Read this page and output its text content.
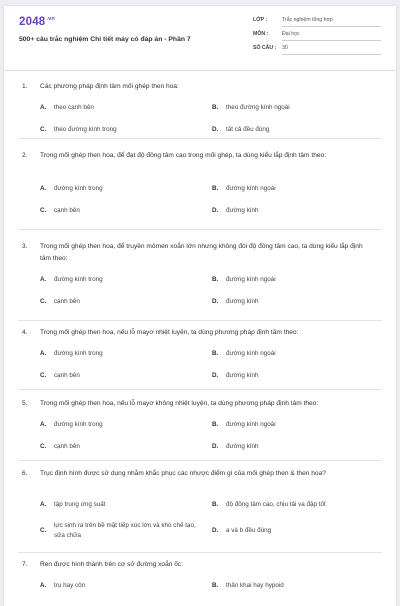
$2048^{.vn}$
500+ câu trắc nghiệm Chi tiết máy có đáp án - Phần 7
LỚP :	Trắc nghiệm tổng hợp
MÔN :	Đại học
SỐ CÂU : 30
1. Các phương pháp định tâm mối ghép then hoa:
A. theo cạnh bên	B. theo đường kính ngoài
C. theo đường kính trong	D. tất cả đều đúng
2. Trong mối ghép then hoa, để đạt độ đồng tâm cao trong mối ghép, ta dùng kiểu lắp định tâm theo:
A. đường kính trong	B. đường kính ngoài
C. cạnh bên	D. đường kính
3. Trong mối ghép then hoa, để truyền mômen xoắn lớn nhưng không đòi độ đồng tâm cao, ta dùng kiểu lắp định tâm theo:
A. đường kính trong	B. đường kính ngoài
C. cạnh bên	D. đường kính
4. Trong mối ghép then hoa, nếu lỗ mayơ nhiệt luyện, ta dùng phương pháp định tâm theo:
A. đường kính trong	B. đường kính ngoài
C. cạnh bên	D. đường kính
5. Trong mối ghép then hoa, nếu lỗ mayơ không nhiệt luyện, ta dùng phương pháp định tâm theo:
A. đường kính trong	B. đường kính ngoài
C. cạnh bên	D. đường kính
6. Trục định hình được sử dụng nhằm khắc phục các nhược điểm gì của mối ghép then & then hoa?
A. tập trung ứng suất	B. độ đồng tâm cao, chịu tải va đập tốt
C.lực sinh ra trên bề mặt tiếp xúc lớn và khó chế tạo, sửa chữa
D. a và b đều đúng
7. Ren được hình thành trên cơ sở đường xoắn ốc:
A. trụ hay côn	B. thân khai hay hypoid
